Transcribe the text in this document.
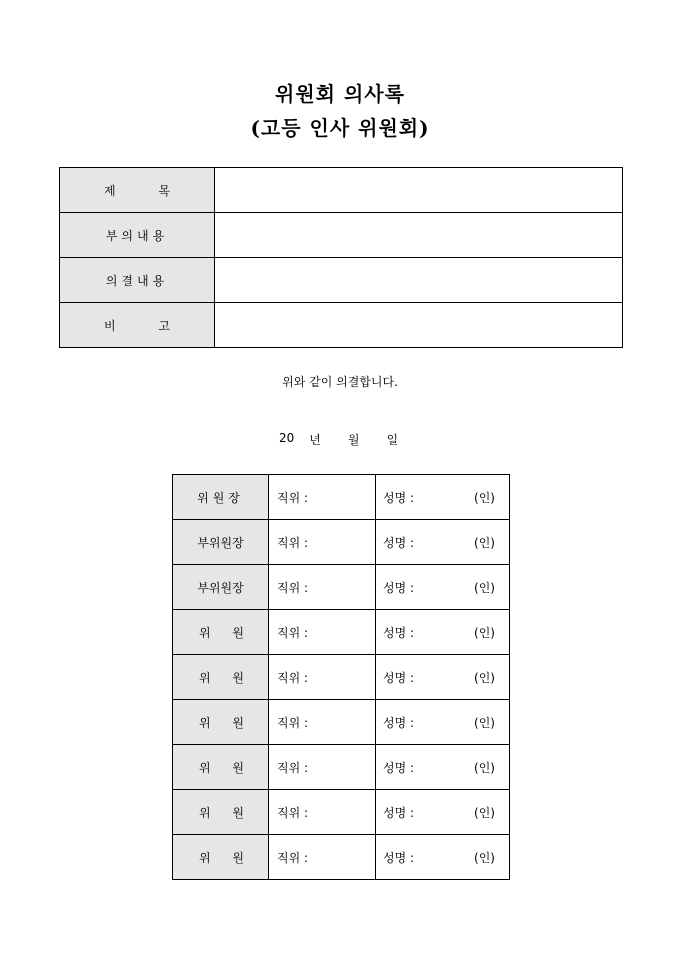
위원회 의사록
(고등 인사 위원회)
제 목	

부의내용	
의결내용	

비 고	

위와 같이 의결합니다.
20 년 월 일
위원장	직위 :	성명 : (인)

부위원장	직위 :	성명 : (인)

부위원장	직위 :	성명 : (인)

위 원	직위 :	성명 : (인)

위 원	직위 :	성명 : (인)

위 원	직위 :	성명 : (인)

위 원	직위 :	성명 : (인)

위 원	직위 :	성명 : (인)

위 원	직위 :	성명 : (인)
